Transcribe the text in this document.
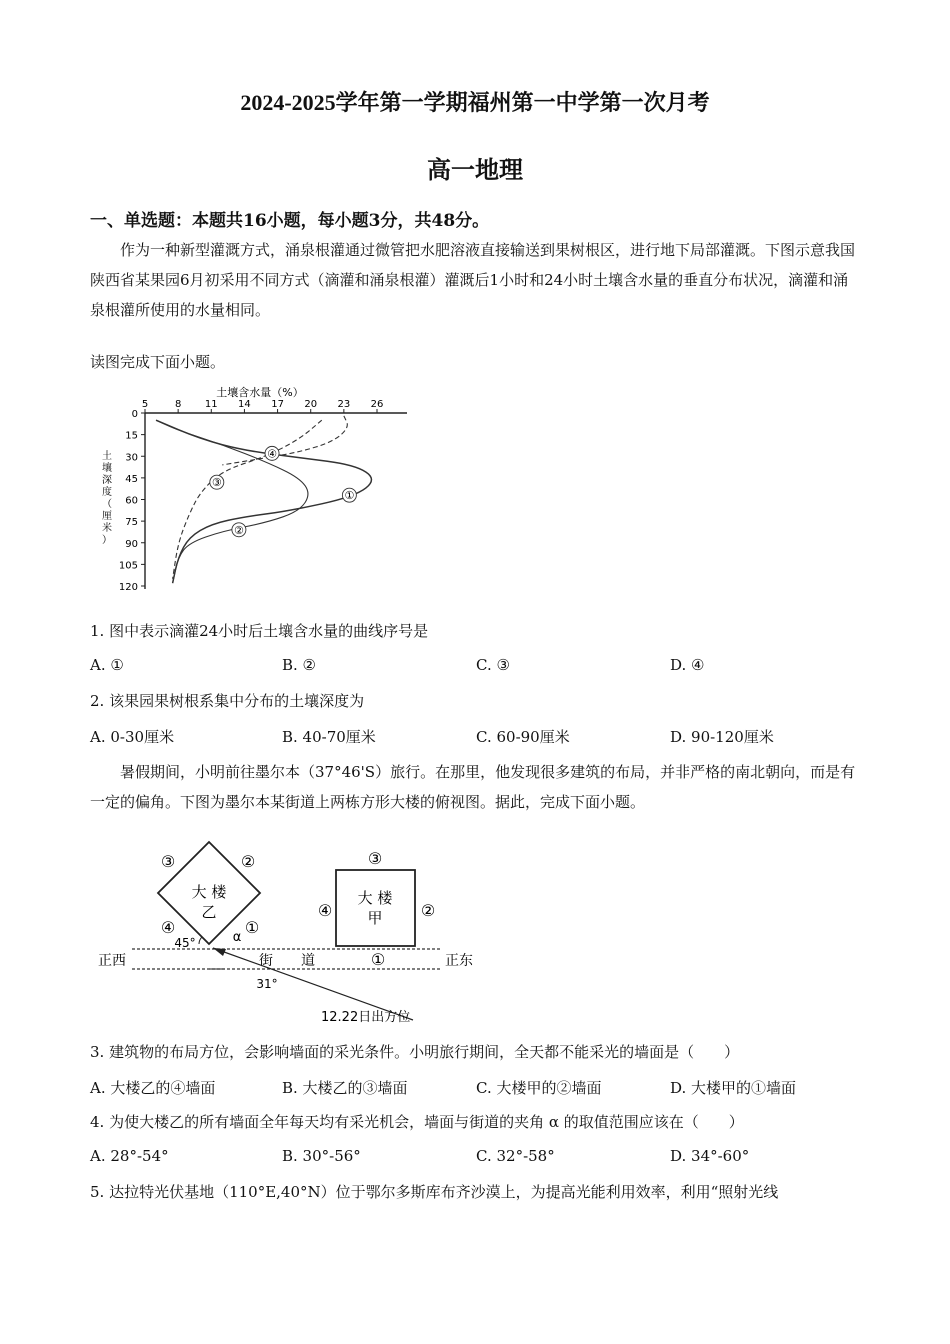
2024-2025学年第一学期福州第一中学第一次月考
高一地理
一、单选题：本题共16小题，每小题3分，共48分。
作为一种新型灌溉方式，涌泉根灌通过微管把水肥溶液直接输送到果树根区，进行地下局部灌溉。下图示意我国陕西省某果园6月初采用不同方式（滴灌和涌泉根灌）灌溉后1小时和24小时土壤含水量的垂直分布状况，滴灌和涌泉根灌所使用的水量相同。
读图完成下面小题。
土壤含水量（%）
5	8 11 14 17 20 23 26
0
15
30
45
60
75
90
105
120
土
壤
深
度
（
厘
米
）
①
②
③
④
1. 图中表示滴灌24小时后土壤含水量的曲线序号是
A. ①	B. ②	C. ③	D. ④
2. 该果园果树根系集中分布的土壤深度为
A. 0-30厘米	B. 40-70厘米	C. 60-90厘米	D. 90-120厘米
暑假期间，小明前往墨尔本（37°46'S）旅行。在那里，他发现很多建筑的布局，并非严格的南北朝向，而是有一定的偏角。下图为墨尔本某街道上两栋方形大楼的俯视图。据此，完成下面小题。
大 楼
乙
③	②
④	①
45°	α
大 楼
甲
③
④	②
正西	正东
街 道	①
31°
12.22日出方位
3. 建筑物的布局方位，会影响墙面的采光条件。小明旅行期间，全天都不能采光的墙面是（　　）
A. 大楼乙的④墙面	B. 大楼乙的③墙面	C. 大楼甲的②墙面	D. 大楼甲的①墙面
4. 为使大楼乙的所有墙面全年每天均有采光机会，墙面与街道的夹角 α 的取值范围应该在（　　）
A. 28°-54°	B. 30°-56°	C. 32°-58°	D. 34°-60°
5. 达拉特光伏基地（110°E,40°N）位于鄂尔多斯库布齐沙漠上，为提高光能利用效率，利用“照射光线
